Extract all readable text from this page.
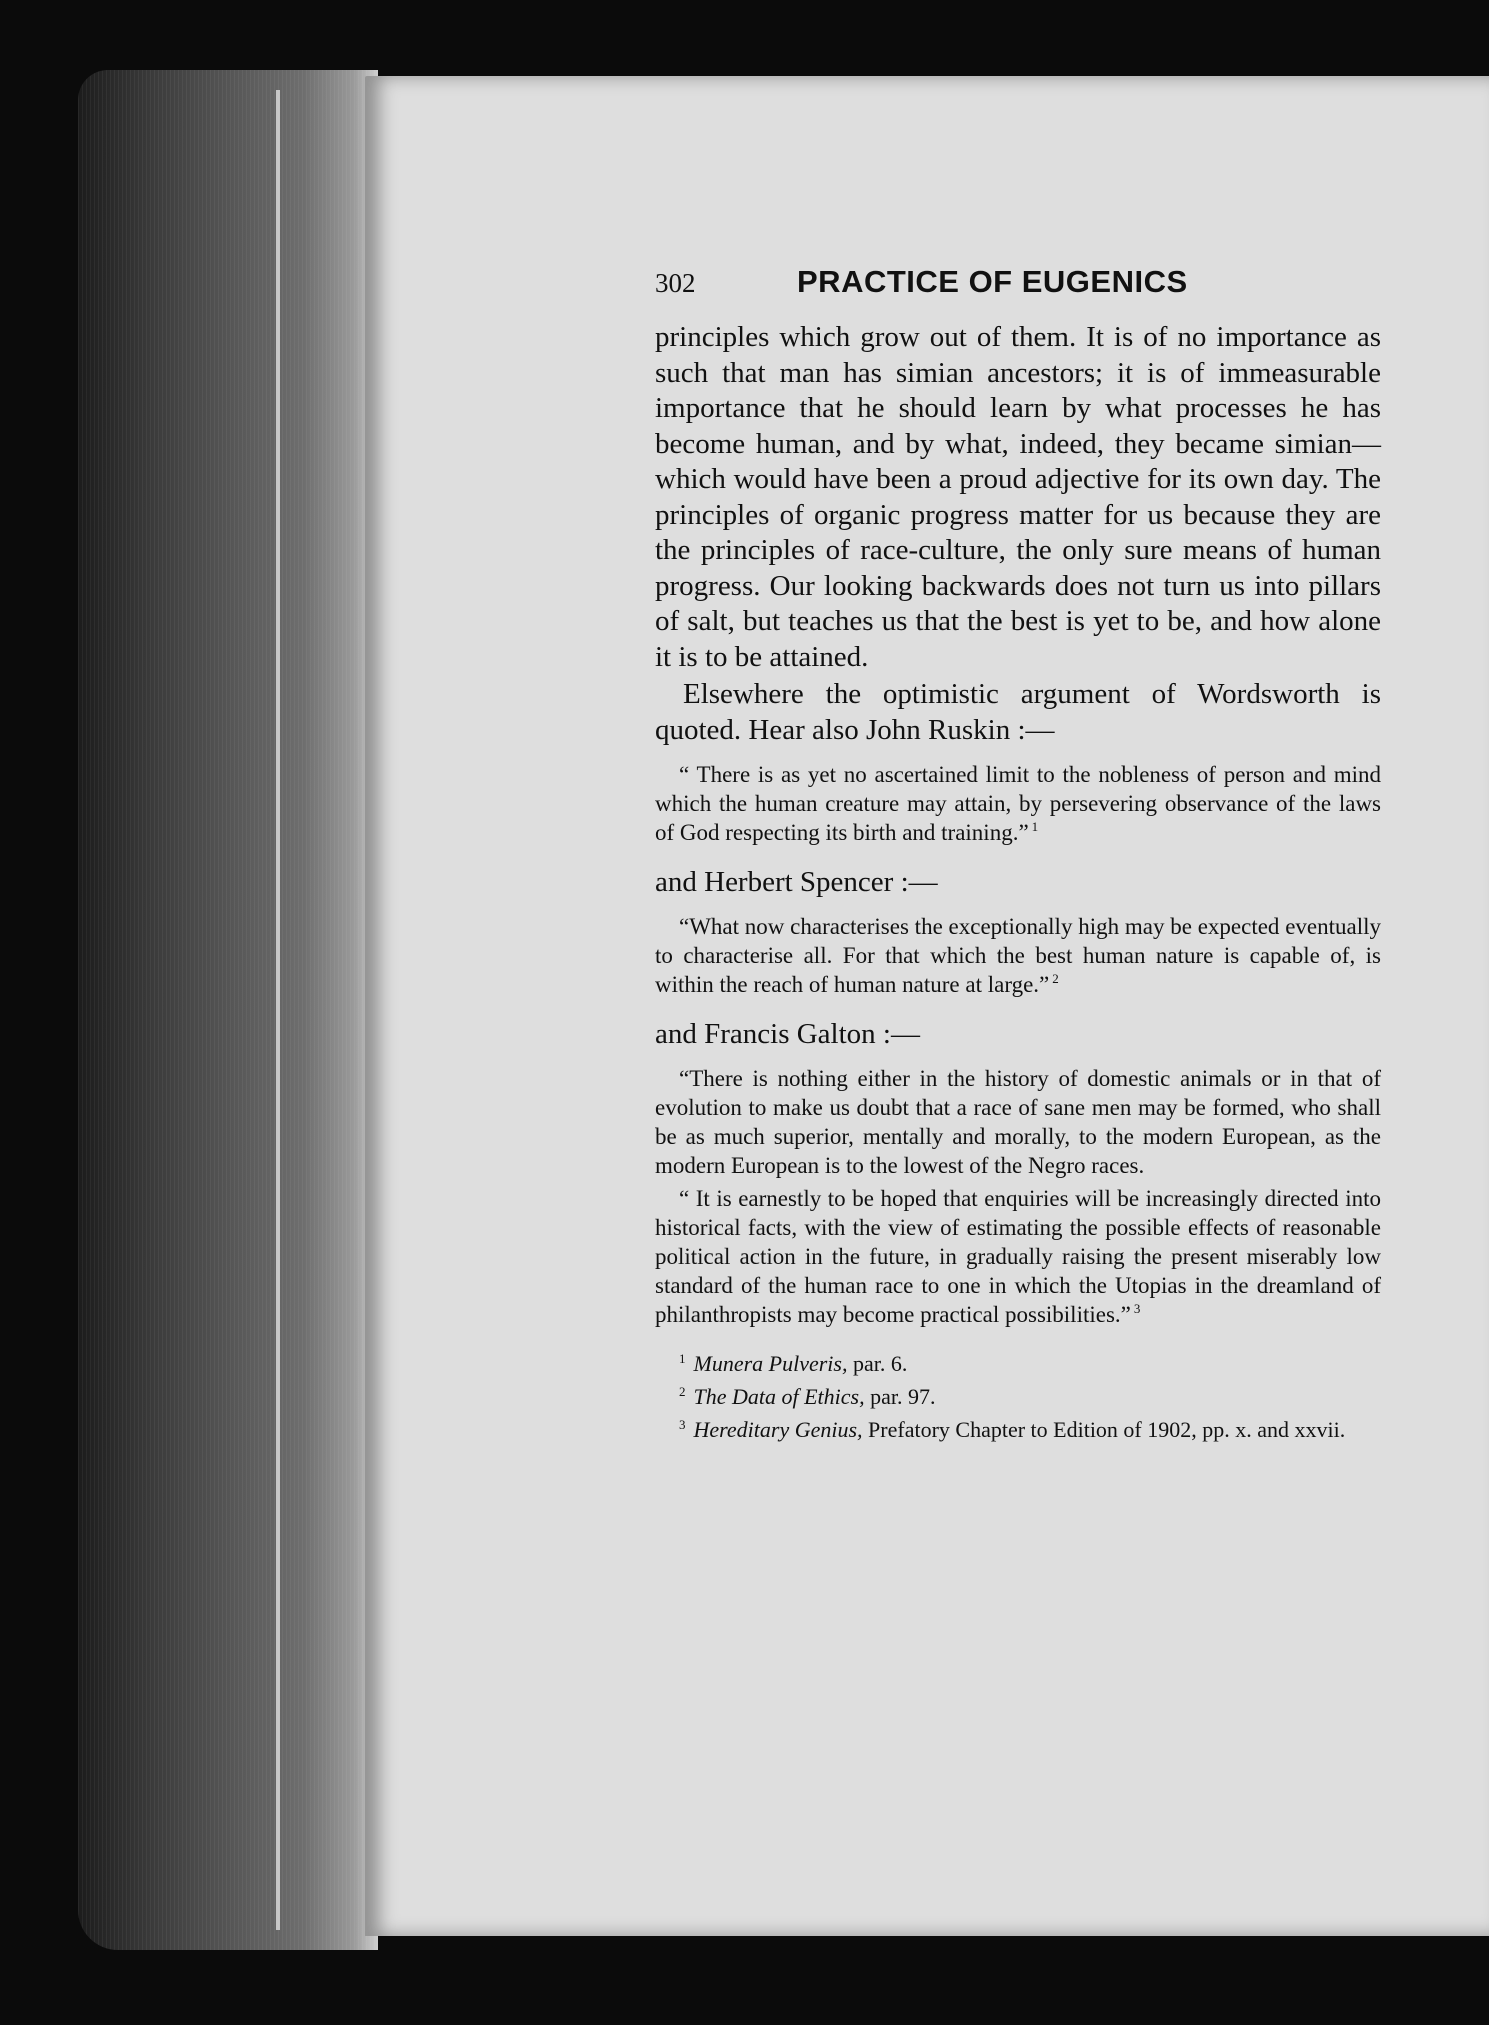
302	PRACTICE OF EUGENICS

principles which grow out of them. It is of no importance as such that man has simian ancestors; it is of immeasurable importance that he should learn by what processes he has become human, and by what, indeed, they became simian—which would have been a proud adjective for its own day. The principles of organic progress matter for us because they are the principles of race-culture, the only sure means of human progress. Our looking backwards does not turn us into pillars of salt, but teaches us that the best is yet to be, and how alone it is to be attained.

Elsewhere the optimistic argument of Wordsworth is quoted. Hear also John Ruskin :—

“ There is as yet no ascertained limit to the nobleness of person and mind which the human creature may attain, by persevering observance of the laws of God respecting its birth and training.” $^1$

and Herbert Spencer :—

“What now characterises the exceptionally high may be expected eventually to characterise all. For that which the best human nature is capable of, is within the reach of human nature at large.” $^2$

and Francis Galton :—

“There is nothing either in the history of domestic animals or in that of evolution to make us doubt that a race of sane men may be formed, who shall be as much superior, mentally and morally, to the modern European, as the modern European is to the lowest of the Negro races.

“ It is earnestly to be hoped that enquiries will be increasingly directed into historical facts, with the view of estimating the possible effects of reasonable political action in the future, in gradually raising the present miserably low standard of the human race to one in which the Utopias in the dreamland of philanthropists may become practical possibilities.” $^3$

$^1$ Munera Pulveris, par. 6.

$^2$ The Data of Ethics, par. 97.

$^3$ Hereditary Genius, Prefatory Chapter to Edition of 1902, pp. x. and xxvii.
